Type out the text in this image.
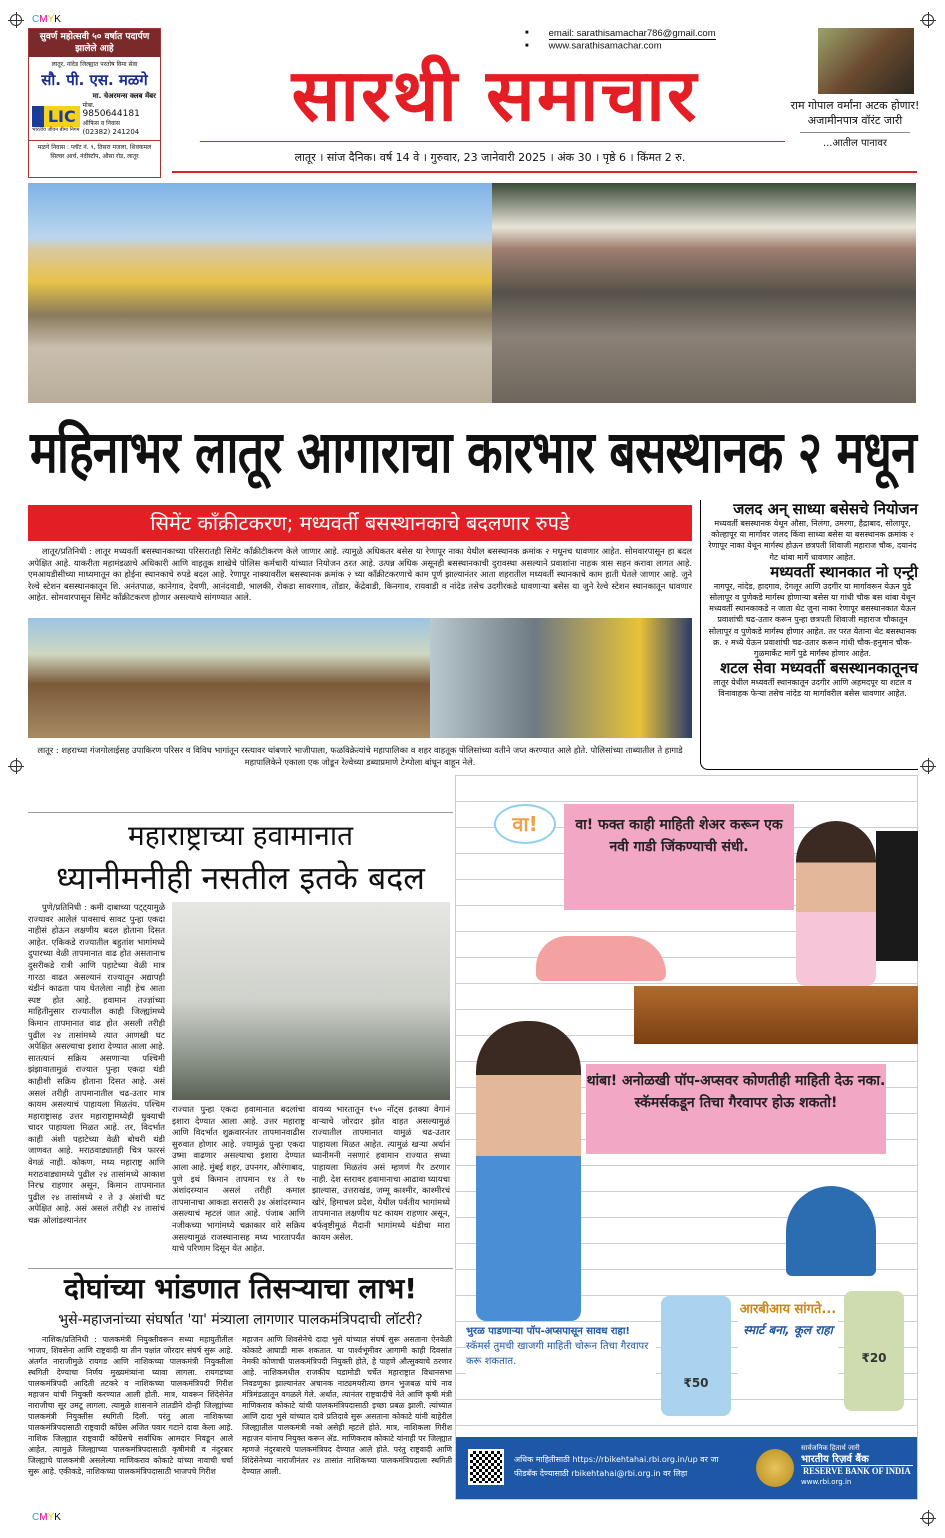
CMYK
CMYK
सुवर्ण महोत्सवी ५० वर्षात पदार्पण झालेले आहे
लातूर, नांदेड जिल्ह्यात परतोष विमा सेवा
सौ. पी. एस. मळगे
मा. चेअरमन्स क्लब मेंबर
LIC
भारतीय जीवन बीमा निगम
मोबा.
9850644181
ऑफिस व निवास
(02382) 241204
मळगे निवास : प्लॉट नं. ९, तिसरा मजला, शिवकमल सिल्वर आर्च, नंदीस्टॉप, औसा रोड, लातूर
■ email: sarathisamachar786@gmail.com
■ www.sarathisamachar.com
सारथी समाचार
लातूर । सांज दैनिक। वर्ष 14 वे । गुरुवार, 23 जानेवारी 2025 । अंक 30 । पृष्ठे 6 । किंमत 2 रु.
राम गोपाल वर्मांना अटक होणार! अजामीनपात्र वॉरंट जारी
...आतील पानावर
महिनाभर लातूर आगाराचा कारभार बसस्थानक २ मधून
सिमेंट कॉंक्रीटकरण; मध्यवर्ती बसस्थानकाचे बदलणार रुपडे

लातूर/प्रतिनिधी : लातूर मध्यवर्ती बसस्थानकाच्या परिसरातही सिमेंट कॉंक्रीटीकरण केले जाणार आहे. त्यामुळे अधिकतर बसेस या रेणापूर नाका येथील बसस्थानक क्रमांक २ मधूनच धावणार आहेत. सोमवारपासून हा बदल अपेक्षित आहे. याकरीता महामंडळाचे अधिकारी आणि वाहतूक शाखेचे पोलिस कर्मचारी यांच्यात नियोजन ठरत आहे. उत्पन्न अधिक असूनही बसस्थानकाची दुरावस्था असल्याने प्रवाशांना नाहक त्रास सहन करावा लागत आहे. एमआयडीसीच्या माध्यमातून का होईना स्थानकाचे रुपडे बदल आहे. रेणापूर नाक्यावरील बसस्थानक क्रमांक २ च्या कॉंक्रीटकरणाचे काम पूर्ण झाल्यानंतर आता शहरातील मध्यवर्ती स्थानकाचे काम हाती घेतले जाणार आहे. जुने रेल्वे स्टेशन बसस्थानकातून शि. अनंतपाळ, कानेगाव, देवणी, आनंदवाडी, भालकी, रोकडा सावरगाव, तोंडार, केंद्रेवाडी, किनगाव, रायवाडी व नांदेड तसेच उदगीरकडे धावणाऱ्या बसेस या जुने रेल्वे स्टेशन स्थानकातून धावणार आहेत. सोमवारपासून सिमेंट कॉंक्रीटकरण होणार असल्याचे सांगण्यात आले.

लातूर : शहराच्या गंजगोलाईसह उपाकिरण परिसर व विविध भागांतून रस्त्यावर थांबणारे भाजीपाला, फळविक्रेत्यांचे महापालिका व शहर वाहतूक पोलिसांच्या वतीने जप्त करण्यात आले होते. पोलिसांच्या ताब्यातील ते हागाडे महापालिकेने एकाला एक जोडून रेल्वेच्या डब्याप्रमाणे टेम्पोला बांधून वाहून नेले.
जलद अन् साध्या बसेसचे नियोजन
मध्यवर्ती बसस्थानक येथून औसा, निलंगा, उमरगा, हैद्राबाद, सोलापूर, कोल्हापूर या मार्गावर जलद किंवा साध्या बसेस या बसस्थानक क्रमांक २ रेणापूर नाका येथून मार्गस्थ होऊन छत्रपती शिवाजी महाराज चौक, दयानंद गेट थांबा मार्गे धावणार आहेत.
मध्यवर्ती स्थानकात नो एन्ट्री
नागपूर, नांदेड, हादगाव, देगलूर आणि उदगीर या मार्गावरून येऊन पुढे सोलापूर व पुणेकडे मार्गस्थ होणाऱ्या बसेस या गांधी चौक बस थांबा येथून मध्यवर्ती स्थानकाकडे न जाता थेट जुना नाका रेणापूर बसस्थानकात येऊन प्रवाशांची चढ-उतार करून पुन्हा छत्रपती शिवाजी महाराज चौकातून सोलापूर व पुणेकडे मार्गस्थ होणार आहेत. तर परत येताना थेट बसस्थानक क्र. २ मध्ये येऊन प्रवाशांची चढ-उतार करून गांधी चौक-हनुमान चौक-गुळमार्केट मार्गे पुढे मार्गस्थ होणार आहेत.
शटल सेवा मध्यवर्ती बसस्थानकातूनच
लातूर येथील मध्यवर्ती स्थानकातून उदगीर आणि अहमदपूर या शटल व विनावाहक फेऱ्या तसेच नांदेड या मार्गावरील बसेस धावणार आहेत.
महाराष्ट्राच्या हवामानात
ध्यानीमनीही नसतील इतके बदल

पुणे/प्रतिनिधी : कमी दाबाच्या पट्ट्यामुळे राज्यावर आलेलं पावसाचं सावट पुन्हा एकदा नाहीसं होऊन लक्षणीय बदल होताना दिसत आहेत. एकिकडे राज्यातील बहुतांश भागांमध्ये दुपारच्या वेळी तापमानात वाढ होत असतानाच दुसरीकडे रात्री आणि पहाटेच्या वेळी मात्र गारठा वाढत असल्यानं राज्यातून अद्यापही थंडीनं काढता पाय घेतलेला नाही हेच आता स्पष्ट होत आहे. हवामान तज्ज्ञांच्या माहितीनुसार राज्यातील काही जिल्ह्यांमध्ये किमान तापमानात वाढ होत असली तरीही पुढील २४ तासांमध्ये त्यात आणखी घट अपेक्षित असल्याचा इशारा देण्यात आला आहे. सातत्यानं सक्रिय असणाऱ्या पश्चिमी झंझावातामुळं राज्यात पुन्हा एकदा थंडी काहीशी सक्रिय होताना दिसत आहे. असं असलं तरीही तापमानातील चढ-उतार मात्र कायम असल्याचं पाहायला मिळतंय. पश्चिम महाराष्ट्रासह उत्तर महाराष्ट्रामध्येही धुक्याची चादर पाहायला मिळत आहे. तर, विदर्भात काही अंशी पहाटेच्या वेळी बोचरी थंडी जाणवत आहे. मराठवाड्यातही चित्र फारसं वेगळं नाही. कोकण, मध्य महाराष्ट्र आणि मराठवाड्यामध्ये पुढील २४ तासांमध्ये आकाश निरभ्र राहणार असून, किमान तापमानात पुढील २४ तासांमध्ये २ ते ३ अंशांची घट अपेक्षित आहे. असं असलं तरीही २४ तासांचं चक्र ओलांडल्यानंतर

राज्यात पुन्हा एकदा हवामानात बदलांचा इशारा देण्यात आला आहे. उत्तर महाराष्ट्र आणि विदर्भात शुक्रवारनंतर तापमानवाढीस सुरुवात होणार आहे. ज्यामुळं पुन्हा एकदा उष्मा वाढणार असल्याचा इशारा देण्यात आला आहे. मुंबई शहर, उपनगर, औरंगाबाद, पुणे इथं किमान तापमान १४ ते १७ अंशांदरम्यान असलं तरीही कमाल तापमानाचा आकडा सरासरी ३४ अंशांदरम्यान असल्याचं म्हटलं जात आहे. पंजाब आणि नजीकच्या भागांमध्ये चक्राकार वारे सक्रिय असल्यामुळं राजस्थानासह मध्य भारतापर्यंत याचे परिणाम दिसून येत आहेत.

वायव्य भारतातून १५० नॉट्स इतक्या वेगानं वाऱ्याचे जोरदार झोत वाहत असल्यामुळं राज्यातील तापमानात यामुळं चढ-उतार पाहायला मिळत आहेत. त्यामुळं खऱ्या अर्थानं ध्यानीमनी नसणारं हवामान राज्यात सध्या पाहायला मिळतंय असं म्हणणं गैर ठरणार नाही. देश स्तरावर हवामानाचा आढावा घ्यायचा झाल्यास, उत्तराखंड, जम्मू काश्मीर, काश्मीरचं खोरं, हिमाचल प्रदेश, येथील पर्वतीय भागांमध्ये तापमानात लक्षणीय घट कायम राहणार असून, बर्फवृष्टीमुळं मैदानी भागांमध्ये थंडीचा मारा कायम असेल.

दोघांच्या भांडणात तिसऱ्याचा लाभ!
भुसे-महाजनांच्या संघर्षात 'या' मंत्र्याला लागणार पालकमंत्रिपदाची लॉटरी?

नाशिक/प्रतिनिधी : पालकमंत्री नियुक्तीवरून सध्या महायुतीतील भाजप, शिवसेना आणि राष्ट्रवादी या तीन पक्षांत जोरदार संघर्ष सुरू आहे. अंतर्गत नाराजीमुळे रायगड आणि नाशिकच्या पालकमंत्री नियुक्तीला स्थगिती देण्याचा निर्णय मुख्यमंत्र्यांना घ्यावा लागला. रायगडच्या पालकमंत्रिपदी आदिती तटकरे व नाशिकच्या पालकमंत्रिपदी गिरीश महाजन यांची नियुक्ती करण्यात आली होती. मात्र, यावरून शिंदेसेनेत नाराजीचा सूर उमटू लागला. त्यामुळे शासनाने तातडीने दोन्ही जिल्ह्यांच्या पालकमंत्री नियुक्तीस स्थगिती दिली. परंतु आता नाशिकच्या पालकमंत्रिपदासाठी राष्ट्रवादी कॉंग्रेस अजित पवार गटाने दावा केला आहे. नाशिक जिल्ह्यात राष्ट्रवादी कॉंग्रेसचे सर्वाधिक आमदार निवडून आले आहेत. त्यामुळे जिल्ह्याच्या पालकमंत्रिपदासाठी कृषीमंत्री व नंदुरबार जिल्ह्याचे पालकमंत्री असलेल्या माणिकराव कोकाटे यांच्या नावाची चर्चा सुरू आहे. एकीकडे, नाशिकच्या पालकमंत्रिपदासाठी भाजपचे गिरीश

महाजन आणि शिवसेनेचे दादा भुसे यांच्यात संघर्ष सुरू असताना ऐनवेळी कोकाटे आघाडी मारू शकतात. या पार्श्वभूमीवर आगामी काही दिवसांत नेमकी कोणाची पालकमंत्रिपदी नियुक्ती होते, हे पाहणे औत्सुक्याचे ठरणार आहे. नाशिकमधील राजकीय घडामोडी चर्चेत महाराष्ट्रात विधानसभा निवडणुका झाल्यानंतर अचानक नाट्यमयरीत्या छगन भुजबळ यांचे नाव मंत्रिमंडळातून वगळले गेले. अर्थात, त्यानंतर राष्ट्रवादीचे नेते आणि कृषी मंत्री माणिकराव कोकाटे यांची पालकमंत्रिपदासाठी इच्छा प्रबळ झाली. त्यांच्यात आणि दादा भुसे यांच्यात दावे प्रतिदावे सुरू असताना कोकाटे यांनी बाहेरील जिल्ह्यातील पालकमंत्री नको असेही म्हटले होते. मात्र, नाशिकला गिरीश महाजन यांनाच नियुक्त करून ॲड. माणिकराव कोकाटे यांनाही पर जिल्ह्यात म्हणजे नंदुरबारचे पालकमंत्रिपद देण्यात आले होते. परंतु राष्ट्रवादी आणि शिंदेसेनेच्या नाराजीनंतर २४ तासांत नाशिकच्या पालकमंत्रिपदाला स्थगिती देण्यात आली.

वा!	वा! फक्त काही माहिती शेअर करून एक नवी गाडी जिंकण्याची संधी.
थांबा! अनोळखी पॉप-अप्सवर कोणतीही माहिती देऊ नका. स्कॅमर्सकडून तिचा गैरवापर होऊ शकतो!
भुरळ पाडणाऱ्या पॉप-अप्सपासून सावध राहा!
स्कॅमर्स तुमची खाजगी माहिती चोरून तिचा गैरवापर करू शकतात.
₹50
आरबीआय सांगते...
स्मार्ट बना, कूल राहा
₹20
अधिक माहितीसाठी https://rbikehtahai.rbi.org.in/up वर जा
फीडबॅक देण्यासाठी rbikehtahai@rbi.org.in वर लिहा
सार्वजनिक हितार्थ जारी
भारतीय रिज़र्व बैंक
RESERVE BANK OF INDIA
www.rbi.org.in
